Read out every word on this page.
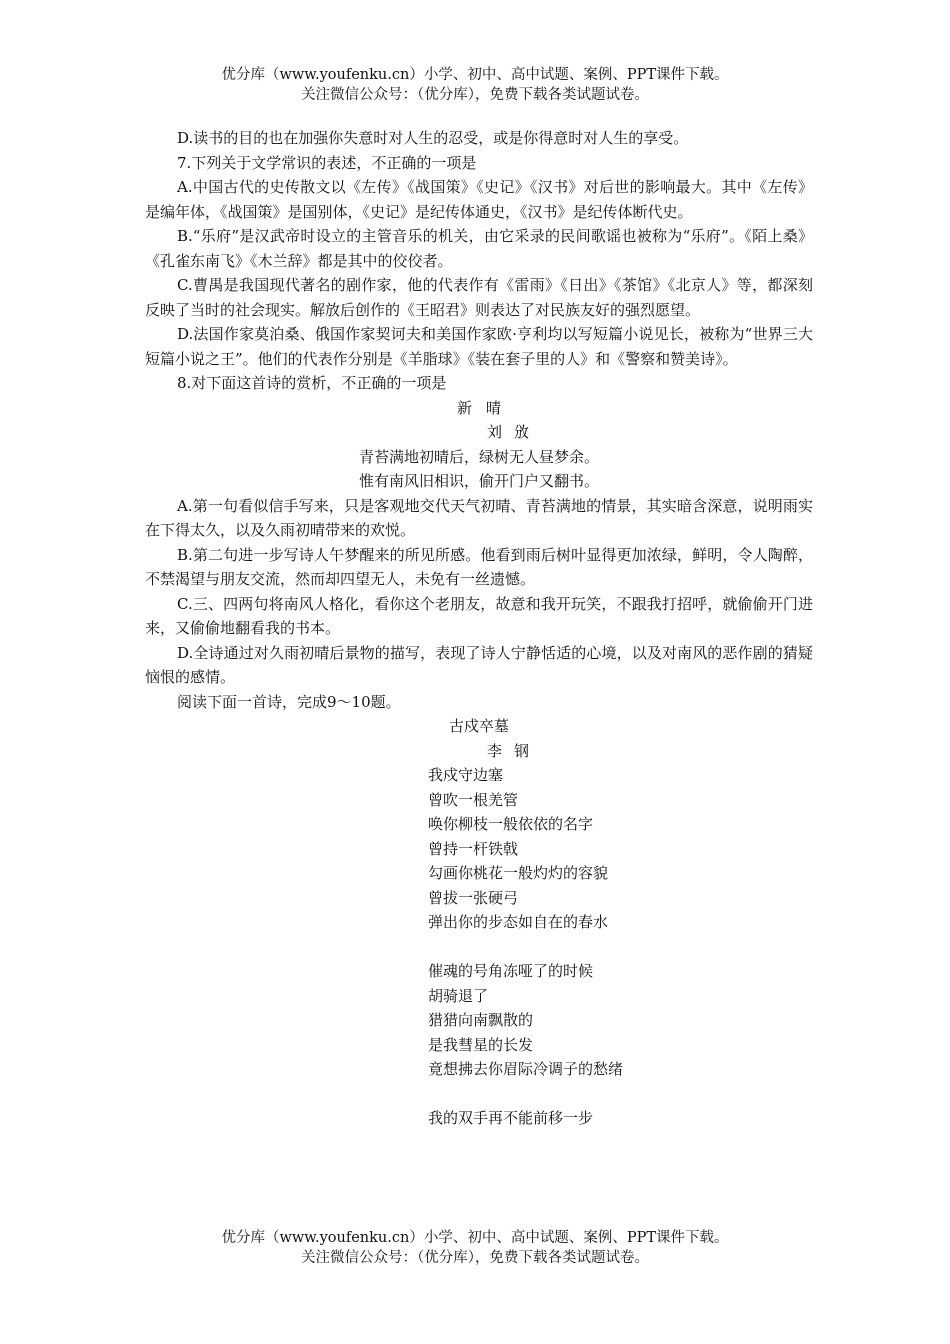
优分库（www.youfenku.cn）小学、初中、高中试题、案例、PPT课件下载。
关注微信公众号：（优分库），免费下载各类试题试卷。

D.读书的目的也在加强你失意时对人生的忍受，或是你得意时对人生的享受。

7.下列关于文学常识的表述，不正确的一项是

A.中国古代的史传散文以《左传》《战国策》《史记》《汉书》对后世的影响最大。其中《左传》是编年体，《战国策》是国别体，《史记》是纪传体通史，《汉书》是纪传体断代史。

B.“乐府”是汉武帝时设立的主管音乐的机关，由它采录的民间歌谣也被称为“乐府”。《陌上桑》《孔雀东南飞》《木兰辞》都是其中的佼佼者。

C.曹禺是我国现代著名的剧作家，他的代表作有《雷雨》《日出》《茶馆》《北京人》等，都深刻反映了当时的社会现实。解放后创作的《王昭君》则表达了对民族友好的强烈愿望。

D.法国作家莫泊桑、俄国作家契诃夫和美国作家欧·亨利均以写短篇小说见长，被称为“世界三大短篇小说之王”。他们的代表作分别是《羊脂球》《装在套子里的人》和《警察和赞美诗》。

8.对下面这首诗的赏析，不正确的一项是

新晴

刘攽

青苔满地初晴后，绿树无人昼梦余。

惟有南风旧相识，偷开门户又翻书。

A.第一句看似信手写来，只是客观地交代天气初晴、青苔满地的情景，其实暗含深意，说明雨实在下得太久，以及久雨初晴带来的欢悦。

B.第二句进一步写诗人午梦醒来的所见所感。他看到雨后树叶显得更加浓绿，鲜明，令人陶醉，不禁渴望与朋友交流，然而却四望无人，未免有一丝遗憾。

C.三、四两句将南风人格化，看你这个老朋友，故意和我开玩笑，不跟我打招呼，就偷偷开门进来，又偷偷地翻看我的书本。

D.全诗通过对久雨初晴后景物的描写，表现了诗人宁静恬适的心境，以及对南风的恶作剧的猜疑恼恨的感情。

阅读下面一首诗，完成9～10题。

古戍卒墓

李钢

我戍守边塞

曾吹一根羌管

唤你柳枝一般依依的名字

曾持一杆铁戟

勾画你桃花一般灼灼的容貌

曾拔一张硬弓

弹出你的步态如自在的春水

催魂的号角冻哑了的时候

胡骑退了

猎猎向南飘散的

是我彗星的长发

竟想拂去你眉际冷调子的愁绪

我的双手再不能前移一步

优分库（www.youfenku.cn）小学、初中、高中试题、案例、PPT课件下载。
关注微信公众号：（优分库），免费下载各类试题试卷。
